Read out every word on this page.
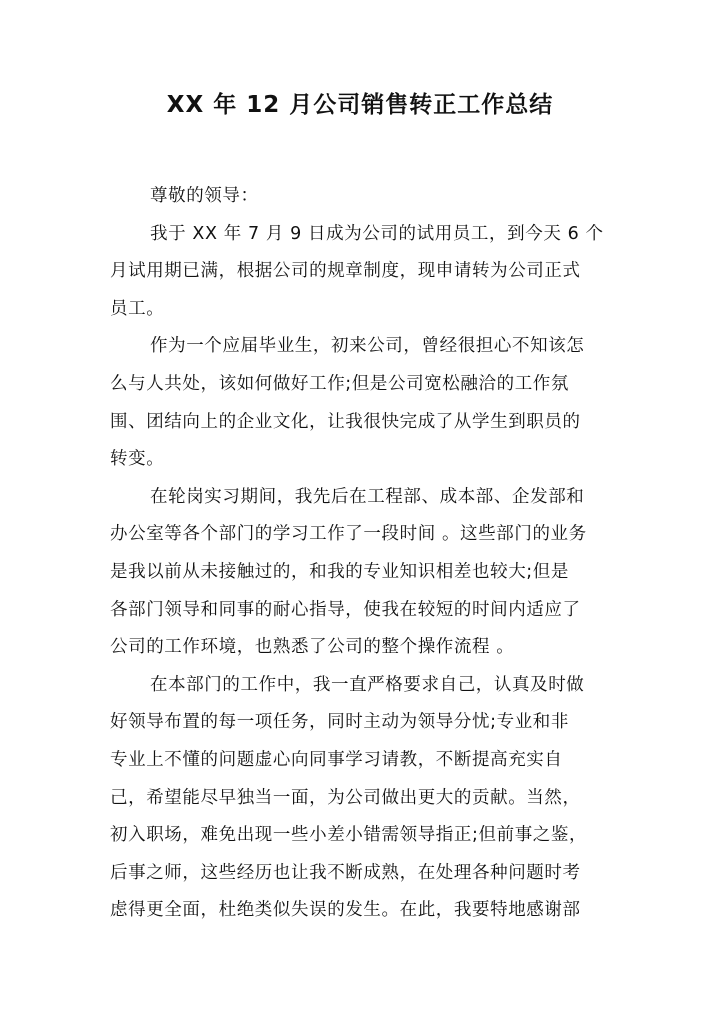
XX 年 12 月公司销售转正工作总结
尊敬的领导：
我于 XX 年 7 月 9 日成为公司的试用员工，到今天 6 个
月试用期已满，根据公司的规章制度，现申请转为公司正式
员工。
作为一个应届毕业生，初来公司，曾经很担心不知该怎
么与人共处，该如何做好工作;但是公司宽松融洽的工作氛
围、团结向上的企业文化，让我很快完成了从学生到职员的
转变。
在轮岗实习期间，我先后在工程部、成本部、企发部和
办公室等各个部门的学习工作了一段时间 。这些部门的业务
是我以前从未接触过的，和我的专业知识相差也较大;但是
各部门领导和同事的耐心指导，使我在较短的时间内适应了
公司的工作环境，也熟悉了公司的整个操作流程 。
在本部门的工作中，我一直严格要求自己，认真及时做
好领导布置的每一项任务，同时主动为领导分忧;专业和非
专业上不懂的问题虚心向同事学习请教，不断提高充实自
己，希望能尽早独当一面，为公司做出更大的贡献。当然，
初入职场，难免出现一些小差小错需领导指正;但前事之鉴，
后事之师，这些经历也让我不断成熟，在处理各种问题时考
虑得更全面，杜绝类似失误的发生。在此，我要特地感谢部
